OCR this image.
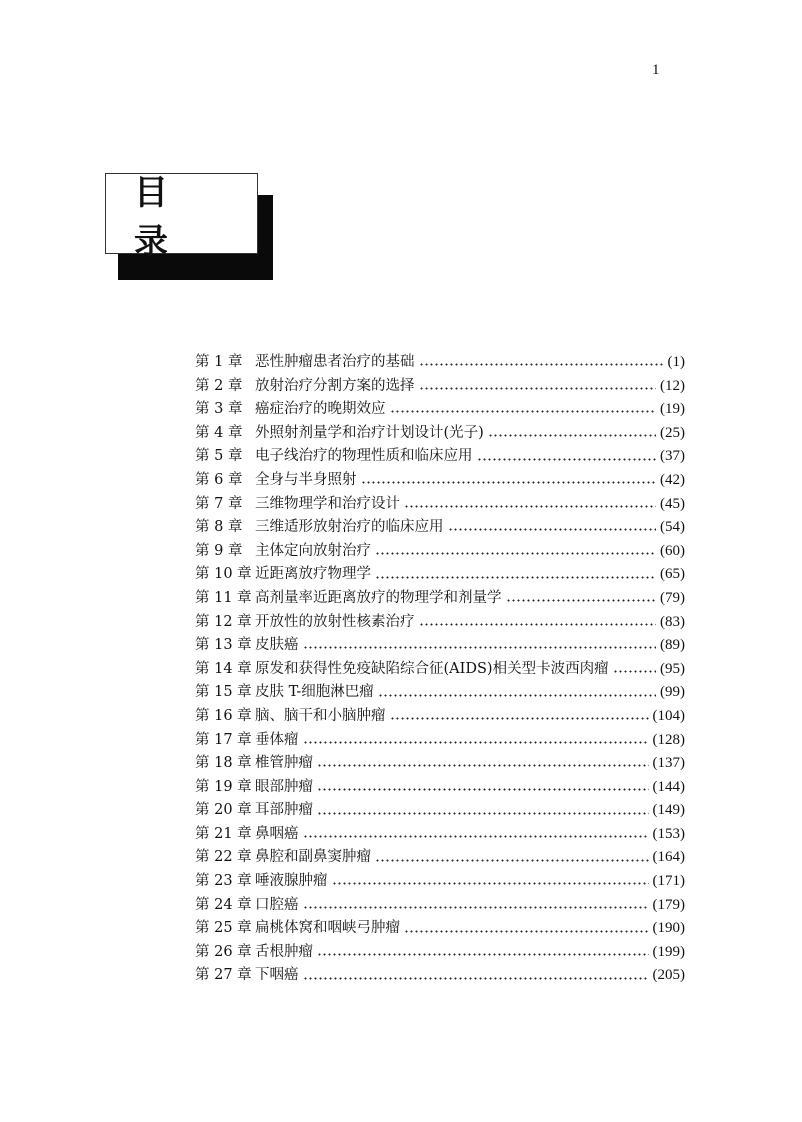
1
目 录
第 1 章 恶性肿瘤患者治疗的基础	(1)
第 2 章 放射治疗分割方案的选择	(12)
第 3 章 癌症治疗的晚期效应	(19)
第 4 章 外照射剂量学和治疗计划设计(光子)	(25)
第 5 章 电子线治疗的物理性质和临床应用	(37)
第 6 章 全身与半身照射	(42)
第 7 章 三维物理学和治疗设计	(45)
第 8 章 三维适形放射治疗的临床应用	(54)
第 9 章 主体定向放射治疗	(60)
第 10 章 近距离放疗物理学	(65)
第 11 章 高剂量率近距离放疗的物理学和剂量学	(79)
第 12 章 开放性的放射性核素治疗	(83)
第 13 章 皮肤癌	(89)
第 14 章 原发和获得性免疫缺陷综合征(AIDS)相关型卡波西肉瘤	(95)
第 15 章 皮肤 T-细胞淋巴瘤	(99)
第 16 章 脑、脑干和小脑肿瘤	(104)
第 17 章 垂体瘤	(128)
第 18 章 椎管肿瘤	(137)
第 19 章 眼部肿瘤	(144)
第 20 章 耳部肿瘤	(149)
第 21 章 鼻咽癌	(153)
第 22 章 鼻腔和副鼻窦肿瘤	(164)
第 23 章 唾液腺肿瘤	(171)
第 24 章 口腔癌	(179)
第 25 章 扁桃体窝和咽峡弓肿瘤	(190)
第 26 章 舌根肿瘤	(199)
第 27 章 下咽癌	(205)
